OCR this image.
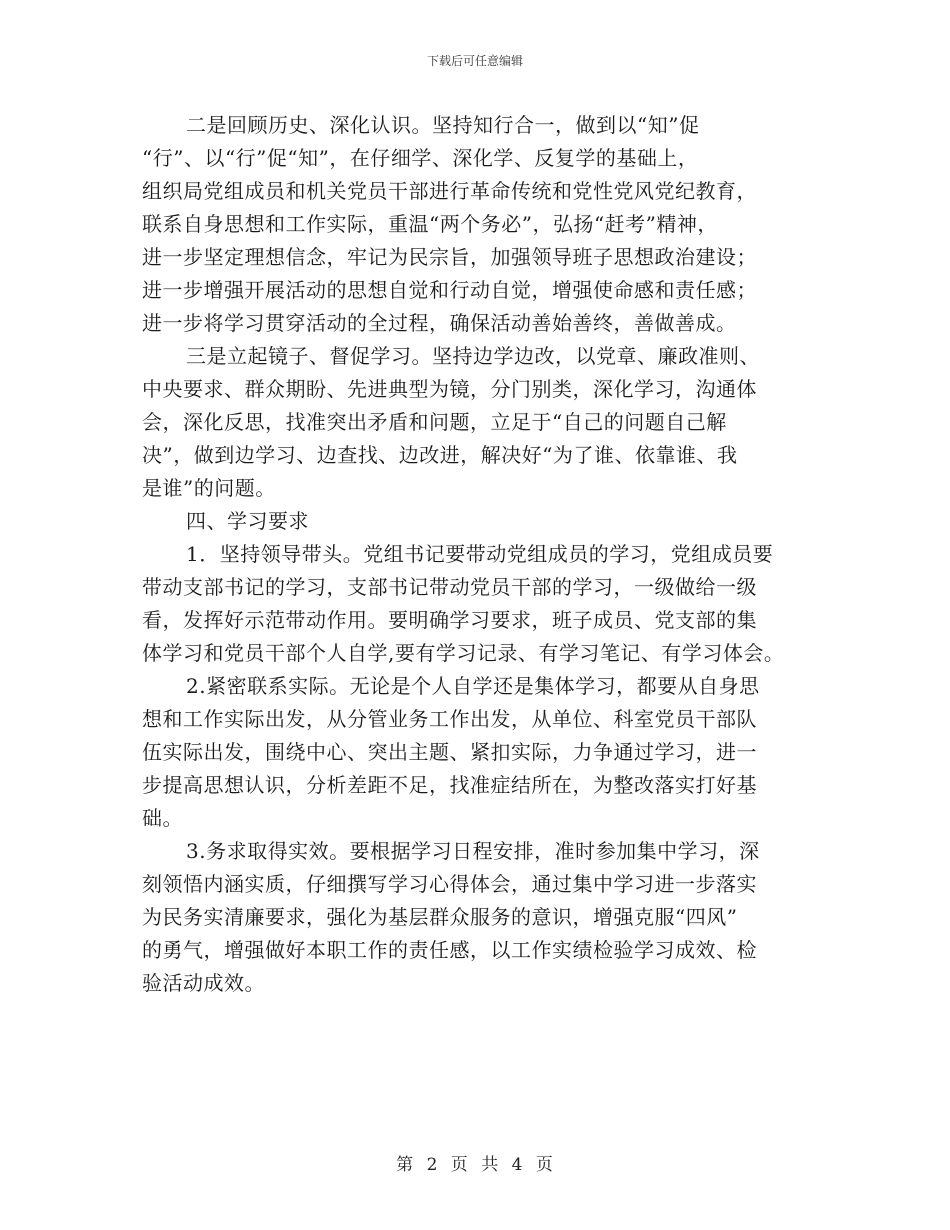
下载后可任意编辑
二是回顾历史、深化认识。坚持知行合一，做到以“知”促
“行”、以“行”促“知”，在仔细学、深化学、反复学的基础上，
组织局党组成员和机关党员干部进行革命传统和党性党风党纪教育，
联系自身思想和工作实际，重温“两个务必”，弘扬“赶考”精神，
进一步坚定理想信念，牢记为民宗旨，加强领导班子思想政治建设；
进一步增强开展活动的思想自觉和行动自觉，增强使命感和责任感；
进一步将学习贯穿活动的全过程，确保活动善始善终，善做善成。
三是立起镜子、督促学习。坚持边学边改，以党章、廉政准则、
中央要求、群众期盼、先进典型为镜，分门别类，深化学习，沟通体
会，深化反思，找准突出矛盾和问题，立足于“自己的问题自己解
决”，做到边学习、边查找、边改进，解决好“为了谁、依靠谁、我
是谁”的问题。
四、学习要求
1．坚持领导带头。党组书记要带动党组成员的学习，党组成员要
带动支部书记的学习，支部书记带动党员干部的学习，一级做给一级
看，发挥好示范带动作用。要明确学习要求，班子成员、党支部的集
体学习和党员干部个人自学,要有学习记录、有学习笔记、有学习体会。
2.紧密联系实际。无论是个人自学还是集体学习，都要从自身思
想和工作实际出发，从分管业务工作出发，从单位、科室党员干部队
伍实际出发，围绕中心、突出主题、紧扣实际，力争通过学习，进一
步提高思想认识，分析差距不足，找准症结所在，为整改落实打好基
础。
3.务求取得实效。要根据学习日程安排，准时参加集中学习，深
刻领悟内涵实质，仔细撰写学习心得体会，通过集中学习进一步落实
为民务实清廉要求，强化为基层群众服务的意识，增强克服“四风”
的勇气，增强做好本职工作的责任感，以工作实绩检验学习成效、检
验活动成效。
第 2 页 共 4 页
